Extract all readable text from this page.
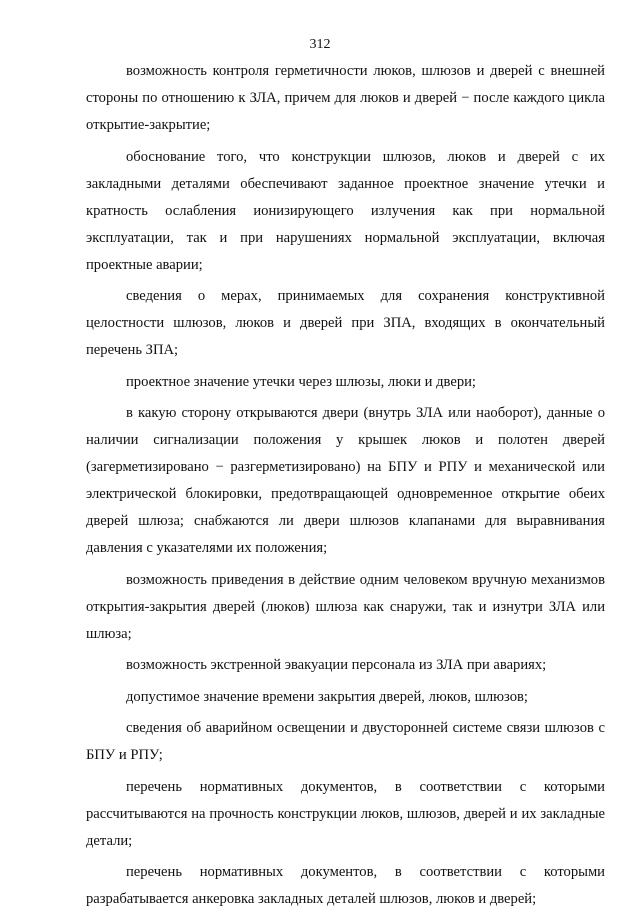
312

возможность контроля герметичности люков, шлюзов и дверей с внешней стороны по отношению к ЗЛА, причем для люков и дверей − после каждого цикла открытие-закрытие;

обоснование того, что конструкции шлюзов, люков и дверей с их закладными деталями обеспечивают заданное проектное значение утечки и кратность ослабления ионизирующего излучения как при нормальной эксплуатации, так и при нарушениях нормальной эксплуатации, включая проектные аварии;

сведения о мерах, принимаемых для сохранения конструктивной целостности шлюзов, люков и дверей при ЗПА, входящих в окончательный перечень ЗПА;

проектное значение утечки через шлюзы, люки и двери;

в какую сторону открываются двери (внутрь ЗЛА или наоборот), данные о наличии сигнализации положения у крышек люков и полотен дверей (загерметизировано − разгерметизировано) на БПУ и РПУ и механической или электрической блокировки, предотвращающей одновременное открытие обеих дверей шлюза; снабжаются ли двери шлюзов клапанами для выравнивания давления с указателями их положения;

возможность приведения в действие одним человеком вручную механизмов открытия-закрытия дверей (люков) шлюза как снаружи, так и изнутри ЗЛА или шлюза;

возможность экстренной эвакуации персонала из ЗЛА при авариях;

допустимое значение времени закрытия дверей, люков, шлюзов;

сведения об аварийном освещении и двусторонней системе связи шлюзов с БПУ и РПУ;

перечень нормативных документов, в соответствии с которыми рассчитываются на прочность конструкции люков, шлюзов, дверей и их закладные детали;

перечень нормативных документов, в соответствии с которыми разрабатывается анкеровка закладных деталей шлюзов, люков и дверей;
